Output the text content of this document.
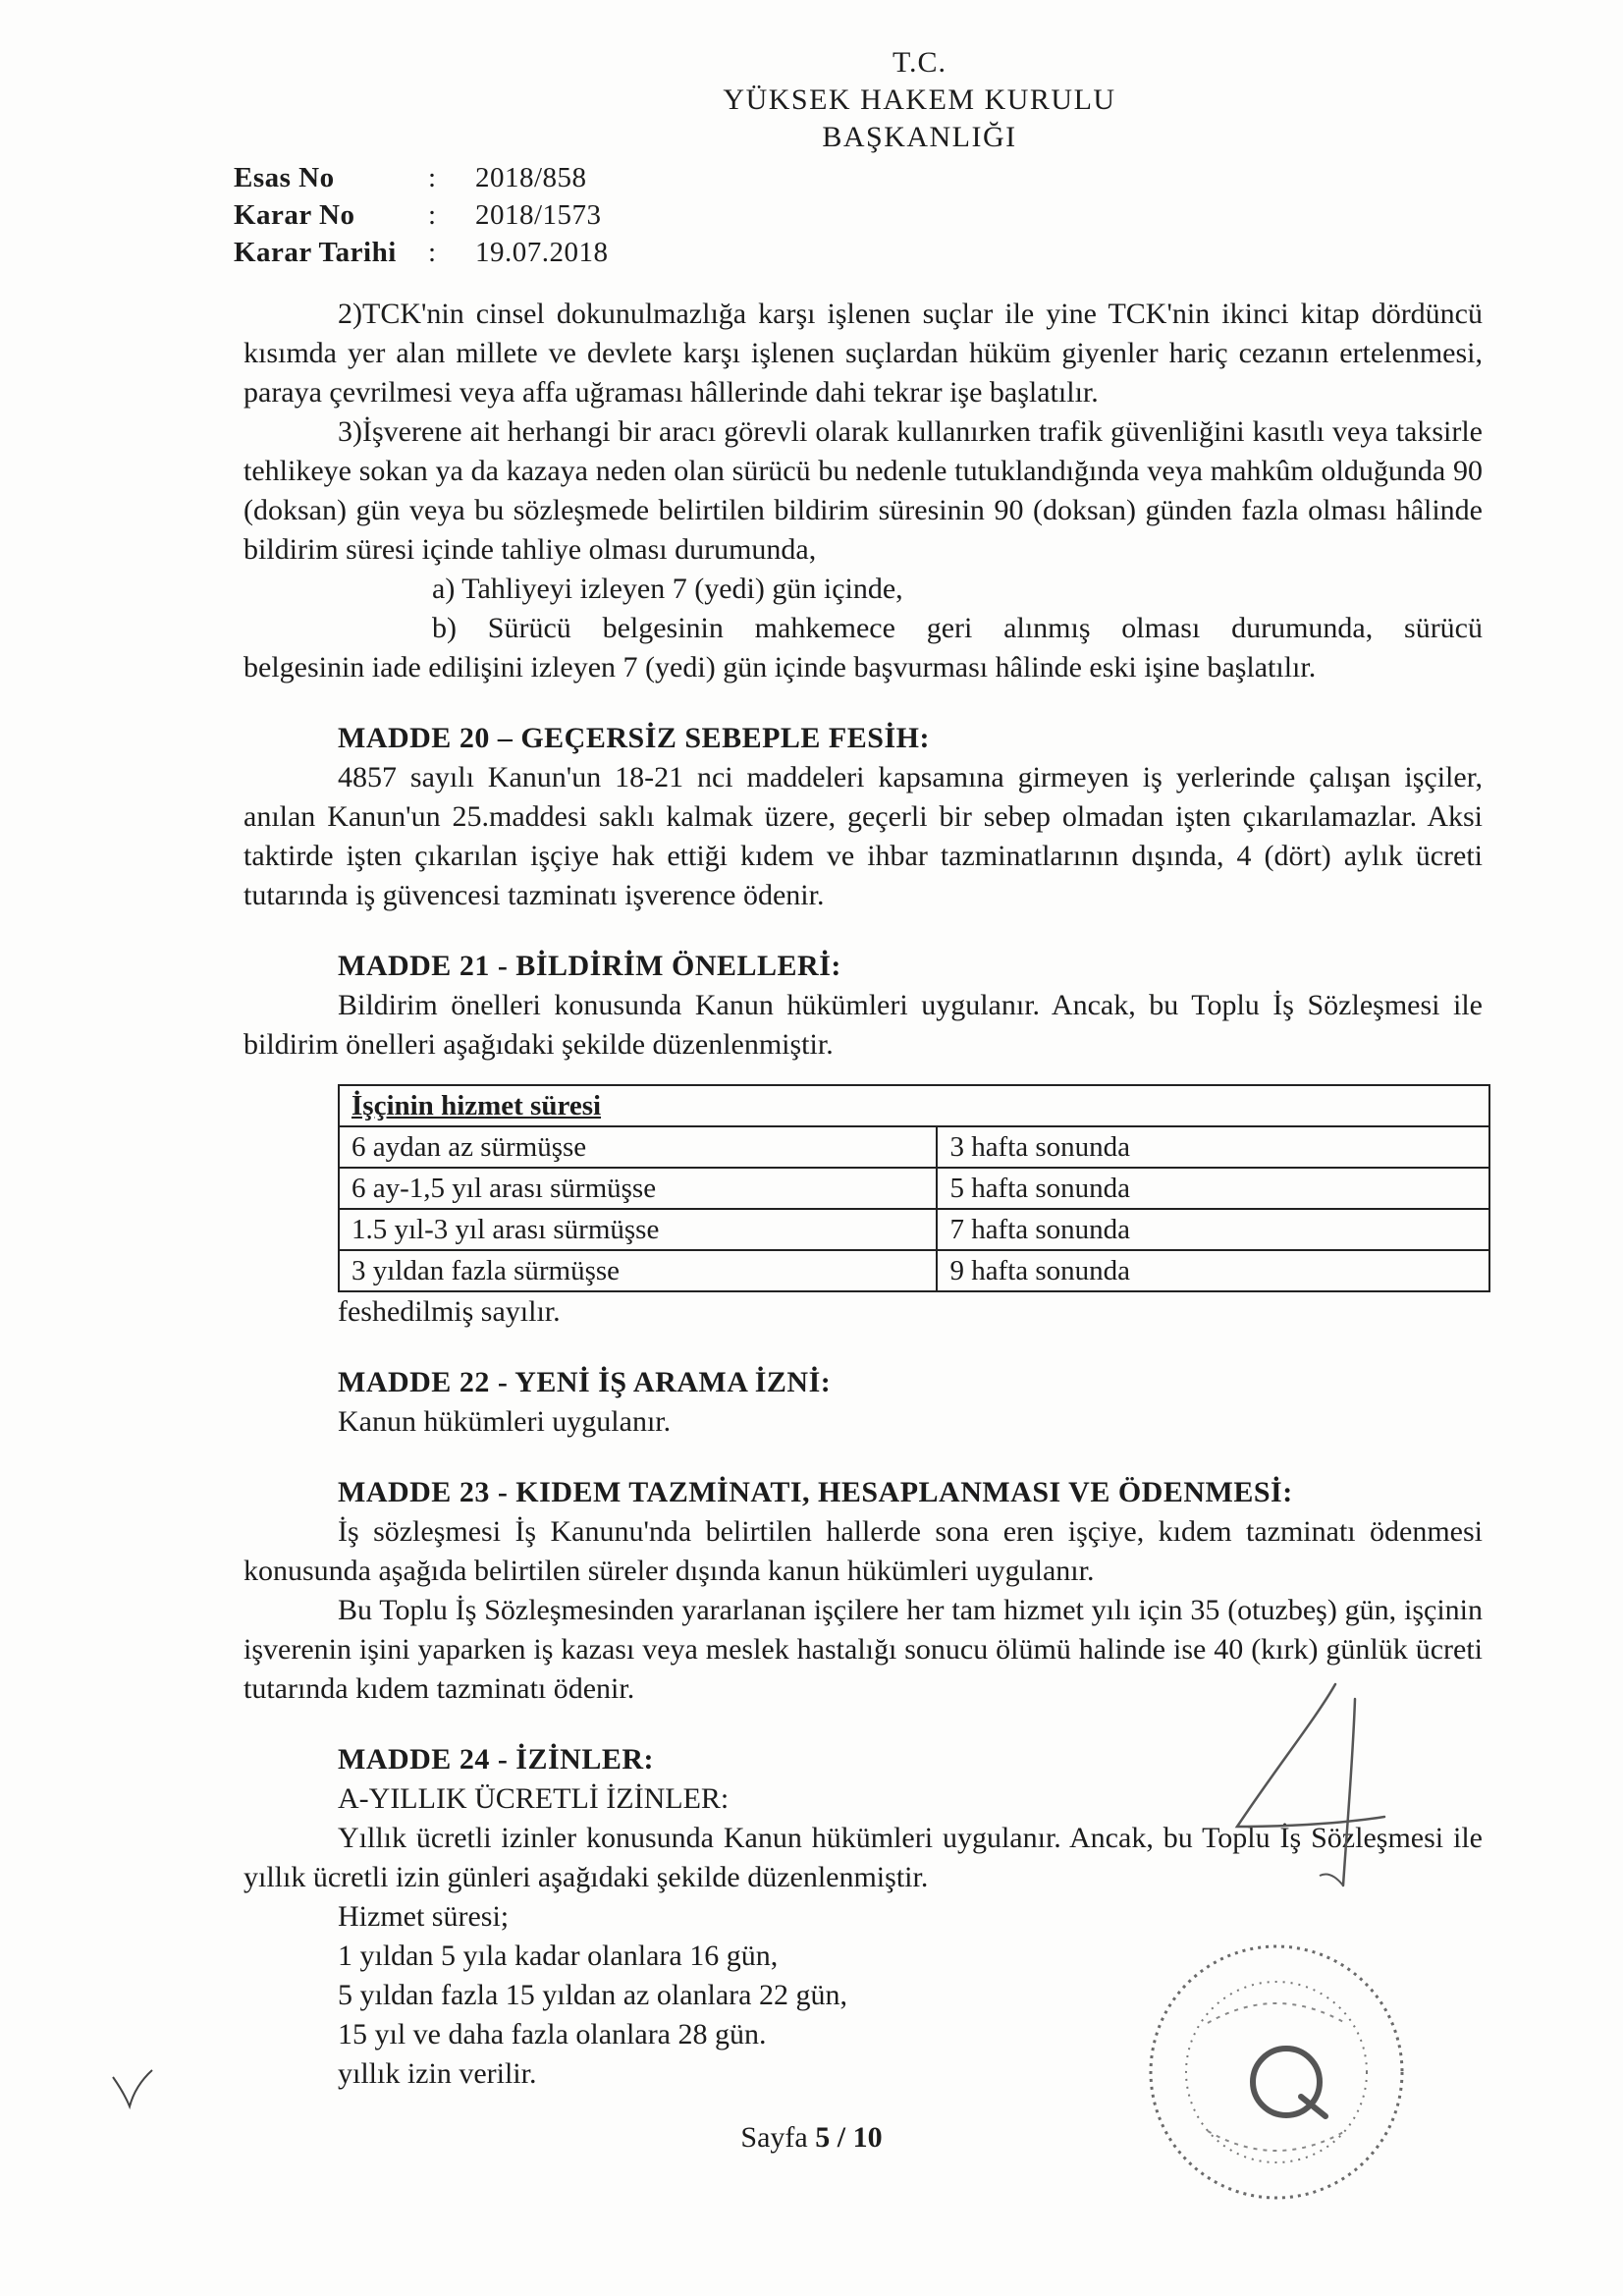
T.C.
YÜKSEK HAKEM KURULU
BAŞKANLIĞI
Esas No	:	2018/858
Karar No	:	2018/1573
Karar Tarihi	:	19.07.2018
2)TCK'nin cinsel dokunulmazlığa karşı işlenen suçlar ile yine TCK'nin ikinci kitap dördüncü kısımda yer alan millete ve devlete karşı işlenen suçlardan hüküm giyenler hariç cezanın ertelenmesi, paraya çevrilmesi veya affa uğraması hâllerinde dahi tekrar işe başlatılır.
3)İşverene ait herhangi bir aracı görevli olarak kullanırken trafik güvenliğini kasıtlı veya taksirle tehlikeye sokan ya da kazaya neden olan sürücü bu nedenle tutuklandığında veya mahkûm olduğunda 90 (doksan) gün veya bu sözleşmede belirtilen bildirim süresinin 90 (doksan) günden fazla olması hâlinde bildirim süresi içinde tahliye olması durumunda,
a) Tahliyeyi izleyen 7 (yedi) gün içinde,
b) Sürücü belgesinin mahkemece geri alınmış olması durumunda, sürücü
belgesinin iade edilişini izleyen 7 (yedi) gün içinde başvurması hâlinde eski işine başlatılır.
MADDE 20 – GEÇERSİZ SEBEPLE FESİH:
4857 sayılı Kanun'un 18-21 nci maddeleri kapsamına girmeyen iş yerlerinde çalışan işçiler, anılan Kanun'un 25.maddesi saklı kalmak üzere, geçerli bir sebep olmadan işten çıkarılamazlar. Aksi taktirde işten çıkarılan işçiye hak ettiği kıdem ve ihbar tazminatlarının dışında, 4 (dört) aylık ücreti tutarında iş güvencesi tazminatı işverence ödenir.
MADDE 21 - BİLDİRİM ÖNELLERİ:
Bildirim önelleri konusunda Kanun hükümleri uygulanır. Ancak, bu Toplu İş Sözleşmesi ile bildirim önelleri aşağıdaki şekilde düzenlenmiştir.
İşçinin hizmet süresi	
6 aydan az sürmüşse	3 hafta sonunda
6 ay-1,5 yıl arası sürmüşse	5 hafta sonunda
1.5 yıl-3 yıl arası sürmüşse	7 hafta sonunda
3 yıldan fazla sürmüşse	9 hafta sonunda
feshedilmiş sayılır.
MADDE 22 - YENİ İŞ ARAMA İZNİ:
Kanun hükümleri uygulanır.
MADDE 23 - KIDEM TAZMİNATI, HESAPLANMASI VE ÖDENMESİ:
İş sözleşmesi İş Kanunu'nda belirtilen hallerde sona eren işçiye, kıdem tazminatı ödenmesi konusunda aşağıda belirtilen süreler dışında kanun hükümleri uygulanır.
Bu Toplu İş Sözleşmesinden yararlanan işçilere her tam hizmet yılı için 35 (otuzbeş) gün, işçinin işverenin işini yaparken iş kazası veya meslek hastalığı sonucu ölümü halinde ise 40 (kırk) günlük ücreti tutarında kıdem tazminatı ödenir.
MADDE 24 - İZİNLER:
A-YILLIK ÜCRETLİ İZİNLER:
Yıllık ücretli izinler konusunda Kanun hükümleri uygulanır. Ancak, bu Toplu İş Sözleşmesi ile yıllık ücretli izin günleri aşağıdaki şekilde düzenlenmiştir.
Hizmet süresi;
1 yıldan 5 yıla kadar olanlara 16 gün,
5 yıldan fazla 15 yıldan az olanlara 22 gün,
15 yıl ve daha fazla olanlara 28 gün.
yıllık izin verilir.
Sayfa 5 / 10
